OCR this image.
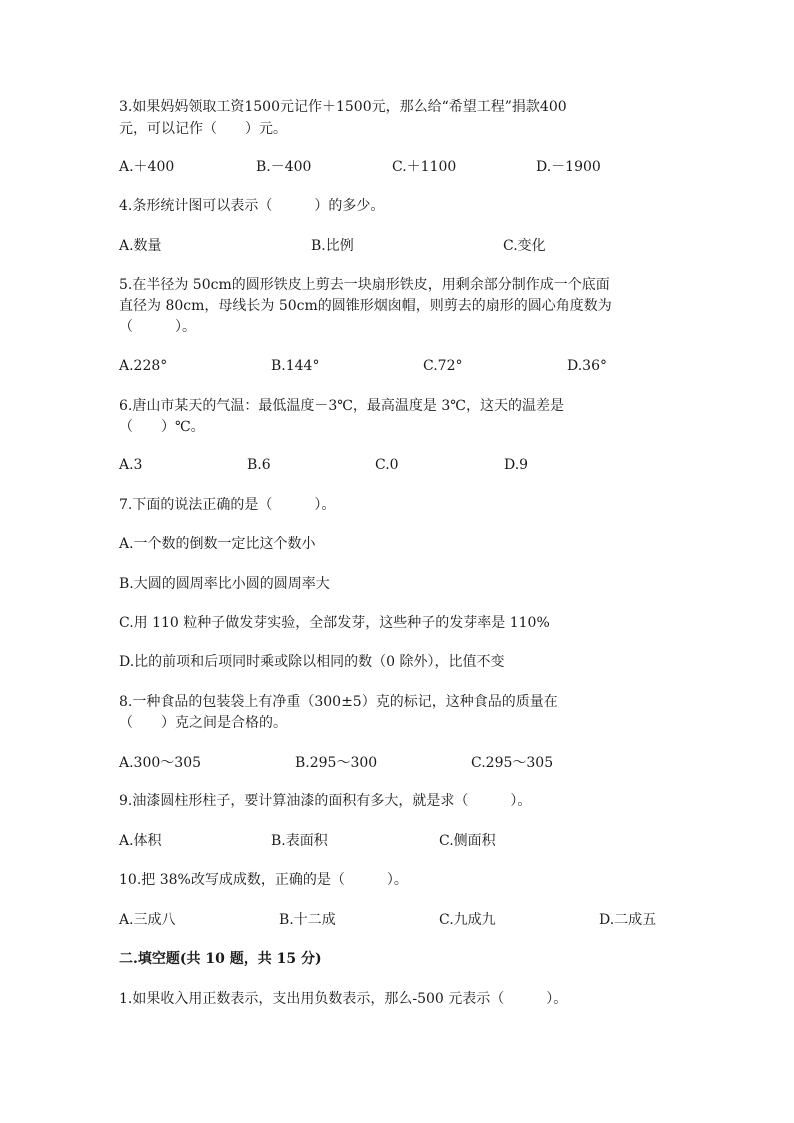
3.如果妈妈领取工资1500元记作＋1500元，那么给“希望工程”捐款400
元，可以记作（　　）元。
A.＋400	B.－400	C.＋1100	D.－1900
4.条形统计图可以表示（　　　）的多少。
A.数量	B.比例	C.变化
5.在半径为 50cm的圆形铁皮上剪去一块扇形铁皮，用剩余部分制作成一个底面
直径为 80cm，母线长为 50cm的圆锥形烟囱帽，则剪去的扇形的圆心角度数为
（　　　）。
A.228°	B.144°	C.72°	D.36°
6.唐山市某天的气温：最低温度－3℃，最高温度是 3℃，这天的温差是
（　　）℃。
A.3	B.6	C.0	D.9
7.下面的说法正确的是（　　　）。
A.一个数的倒数一定比这个数小
B.大圆的圆周率比小圆的圆周率大
C.用 110 粒种子做发芽实验，全部发芽，这些种子的发芽率是 110%
D.比的前项和后项同时乘或除以相同的数（0 除外），比值不变
8.一种食品的包装袋上有净重（300±5）克的标记，这种食品的质量在
（　　）克之间是合格的。
A.300～305	B.295～300	C.295～305
9.油漆圆柱形柱子，要计算油漆的面积有多大，就是求（　　　）。
A.体积	B.表面积	C.侧面积
10.把 38%改写成成数，正确的是（　　　）。
A.三成八	B.十二成	C.九成九	D.二成五
二.填空题(共 10 题，共 15 分)
1.如果收入用正数表示，支出用负数表示，那么-500 元表示（　　　）。
